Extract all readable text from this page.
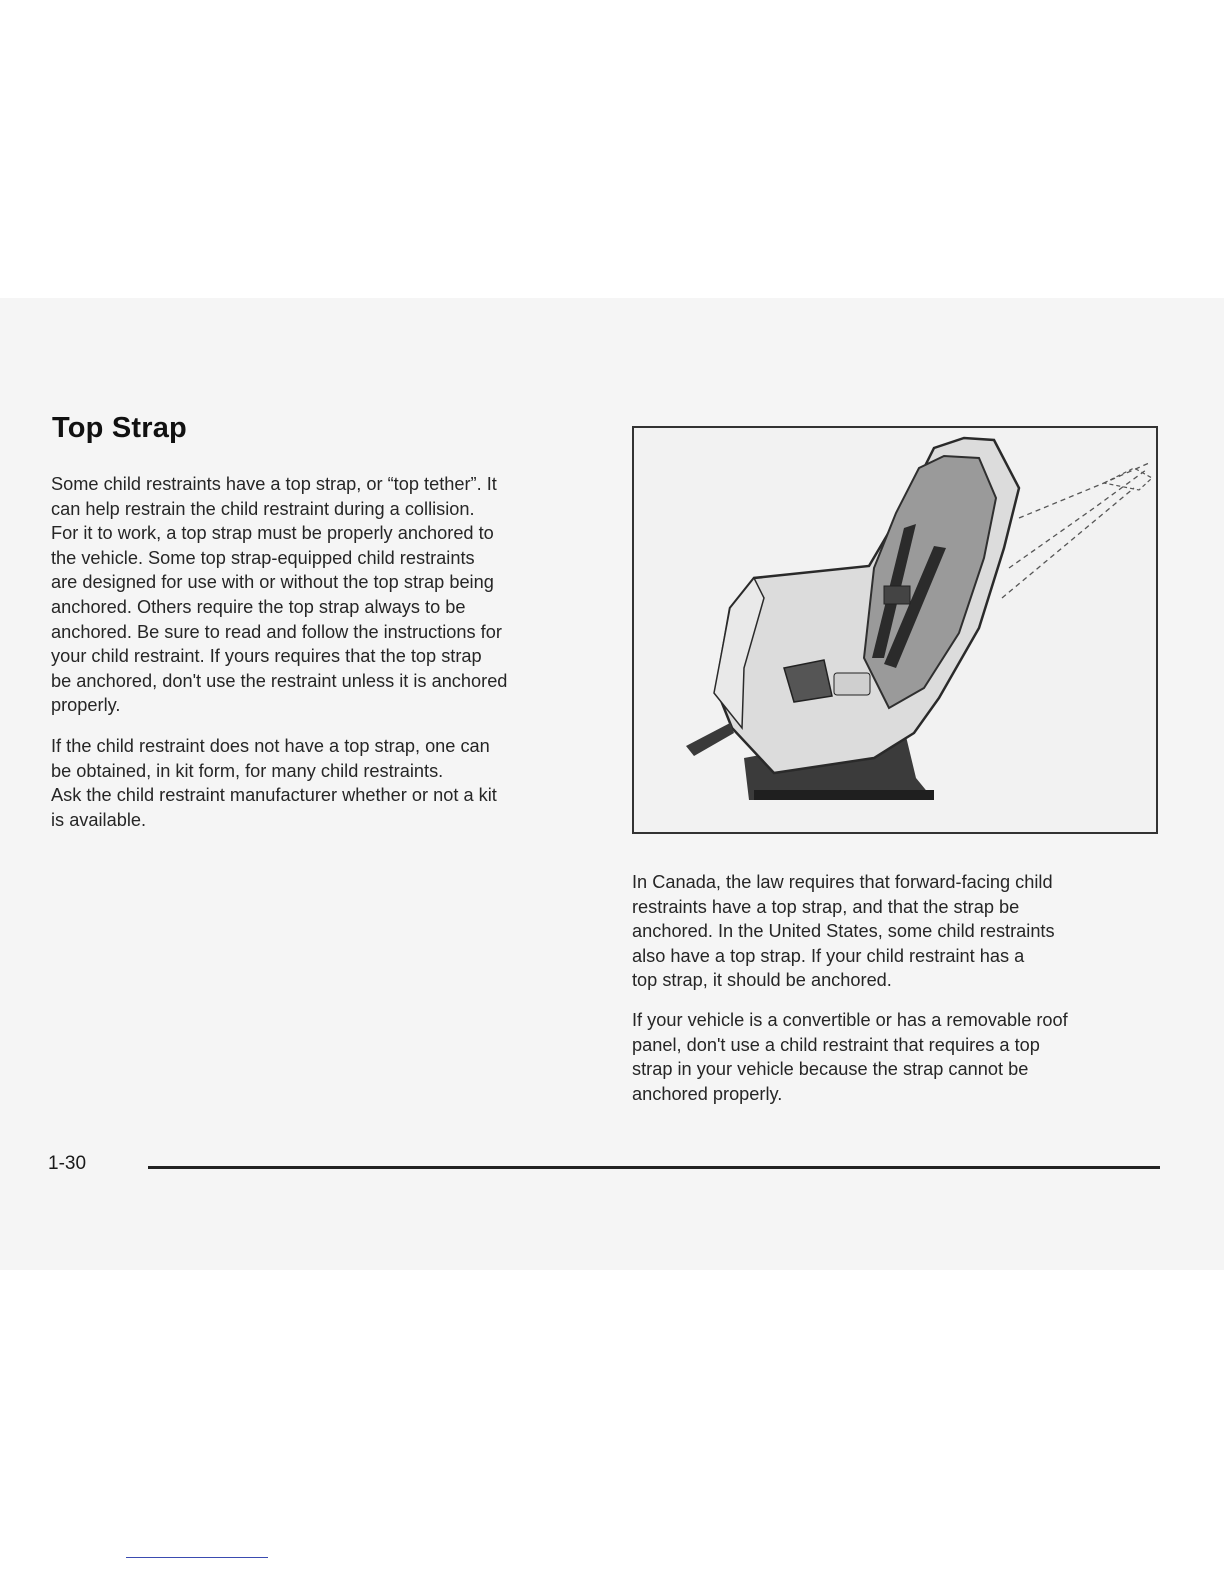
Top Strap

Some child restraints have a top strap, or “top tether”. It
can help restrain the child restraint during a collision.
For it to work, a top strap must be properly anchored to
the vehicle. Some top strap-equipped child restraints
are designed for use with or without the top strap being
anchored. Others require the top strap always to be
anchored. Be sure to read and follow the instructions for
your child restraint. If yours requires that the top strap
be anchored, don't use the restraint unless it is anchored
properly.

If the child restraint does not have a top strap, one can
be obtained, in kit form, for many child restraints.
Ask the child restraint manufacturer whether or not a kit
is available.

In Canada, the law requires that forward-facing child
restraints have a top strap, and that the strap be
anchored. In the United States, some child restraints
also have a top strap. If your child restraint has a
top strap, it should be anchored.

If your vehicle is a convertible or has a removable roof
panel, don't use a child restraint that requires a top
strap in your vehicle because the strap cannot be
anchored properly.

1-30
